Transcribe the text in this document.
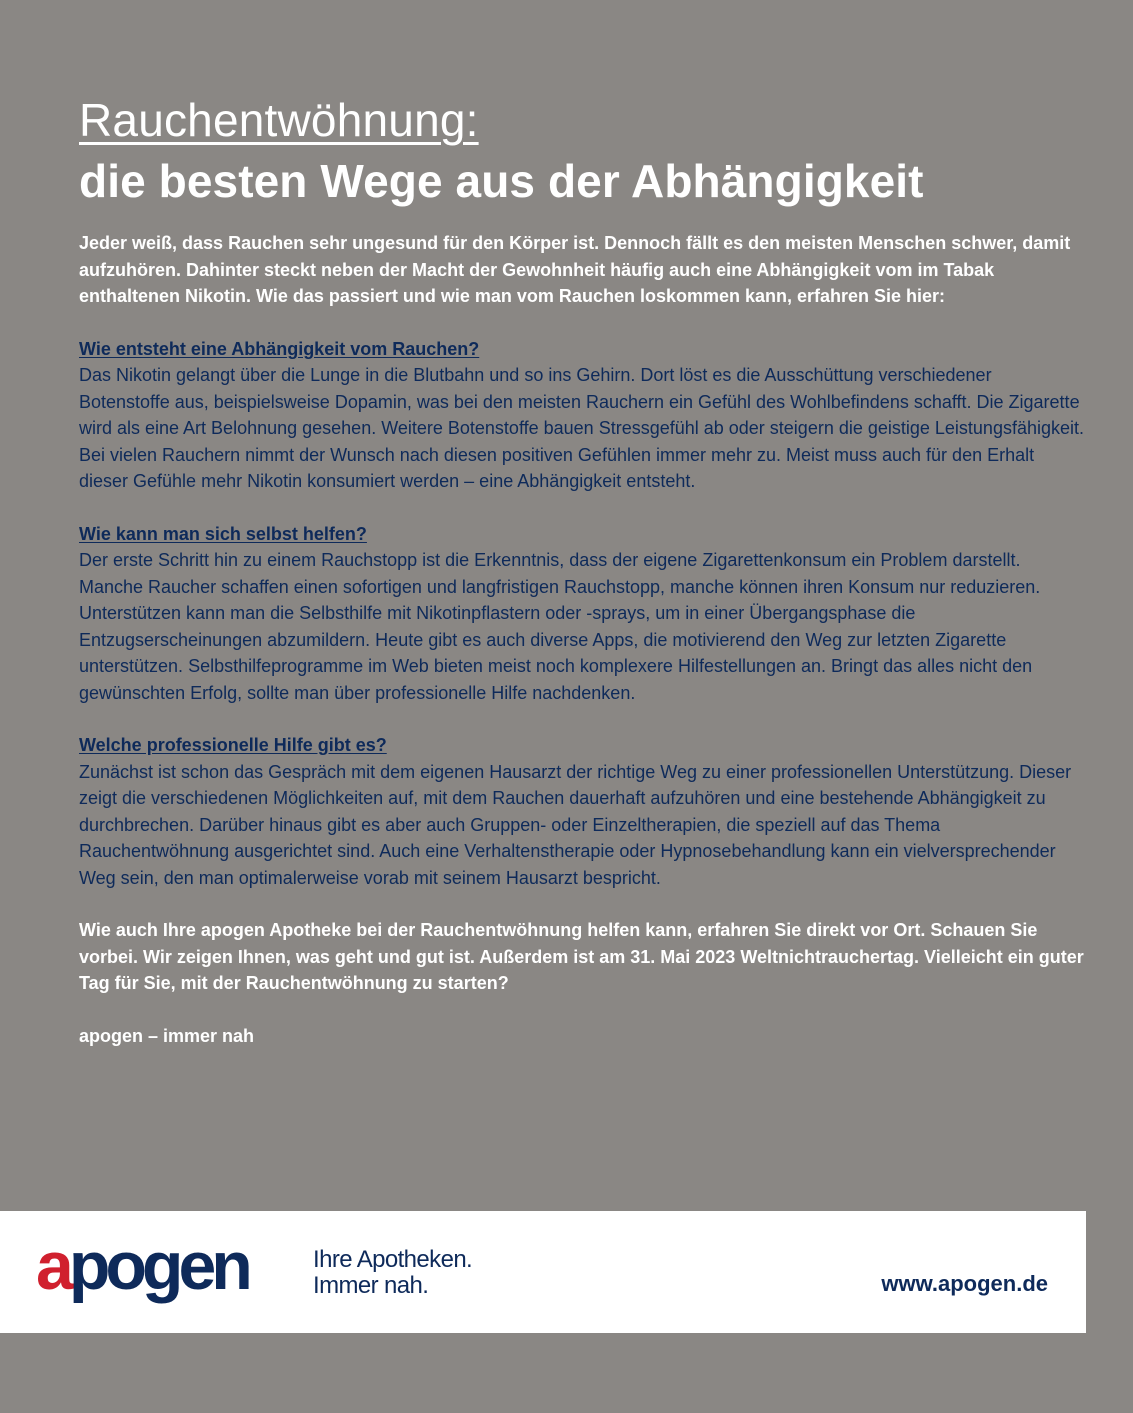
Rauchentwöhnung:
die besten Wege aus der Abhängigkeit

Jeder weiß, dass Rauchen sehr ungesund für den Körper ist. Dennoch fällt es den meisten Menschen schwer, damit aufzuhören. Dahinter steckt neben der Macht der Gewohnheit häufig auch eine Abhängigkeit vom im Tabak enthaltenen Nikotin. Wie das passiert und wie man vom Rauchen loskommen kann, erfahren Sie hier:

Wie entsteht eine Abhängigkeit vom Rauchen?

Das Nikotin gelangt über die Lunge in die Blutbahn und so ins Gehirn. Dort löst es die Ausschüttung verschiedener Botenstoffe aus, beispielsweise Dopamin, was bei den meisten Rauchern ein Gefühl des Wohlbefindens schafft. Die Zigarette wird als eine Art Belohnung gesehen. Weitere Botenstoffe bauen Stressgefühl ab oder steigern die geistige Leistungsfähigkeit. Bei vielen Rauchern nimmt der Wunsch nach diesen positiven Gefühlen immer mehr zu. Meist muss auch für den Erhalt dieser Gefühle mehr Nikotin konsumiert werden – eine Abhängigkeit entsteht.

Wie kann man sich selbst helfen?

Der erste Schritt hin zu einem Rauchstopp ist die Erkenntnis, dass der eigene Zigarettenkonsum ein Problem darstellt. Manche Raucher schaffen einen sofortigen und langfristigen Rauchstopp, manche können ihren Konsum nur reduzieren. Unterstützen kann man die Selbsthilfe mit Nikotinpflastern oder -sprays, um in einer Übergangsphase die Entzugserscheinungen abzumildern. Heute gibt es auch diverse Apps, die motivierend den Weg zur letzten Zigarette unterstützen. Selbsthilfeprogramme im Web bieten meist noch komplexere Hilfestellungen an. Bringt das alles nicht den gewünschten Erfolg, sollte man über professionelle Hilfe nachdenken.

Welche professionelle Hilfe gibt es?

Zunächst ist schon das Gespräch mit dem eigenen Hausarzt der richtige Weg zu einer professionellen Unterstützung. Dieser zeigt die verschiedenen Möglichkeiten auf, mit dem Rauchen dauerhaft aufzuhören und eine bestehende Abhängigkeit zu durchbrechen. Darüber hinaus gibt es aber auch Gruppen- oder Einzeltherapien, die speziell auf das Thema Rauchentwöhnung ausgerichtet sind. Auch eine Verhaltenstherapie oder Hypnosebehandlung kann ein vielversprechender Weg sein, den man optimalerweise vorab mit seinem Hausarzt bespricht.

Wie auch Ihre apogen Apotheke bei der Rauchentwöhnung helfen kann, erfahren Sie direkt vor Ort. Schauen Sie vorbei. Wir zeigen Ihnen, was geht und gut ist. Außerdem ist am 31. Mai 2023 Weltnichtrauchertag. Vielleicht ein guter Tag für Sie, mit der Rauchentwöhnung zu starten?

apogen – immer nah

apogen	Ihre Apotheken.
Immer nah.	www.apogen.de
